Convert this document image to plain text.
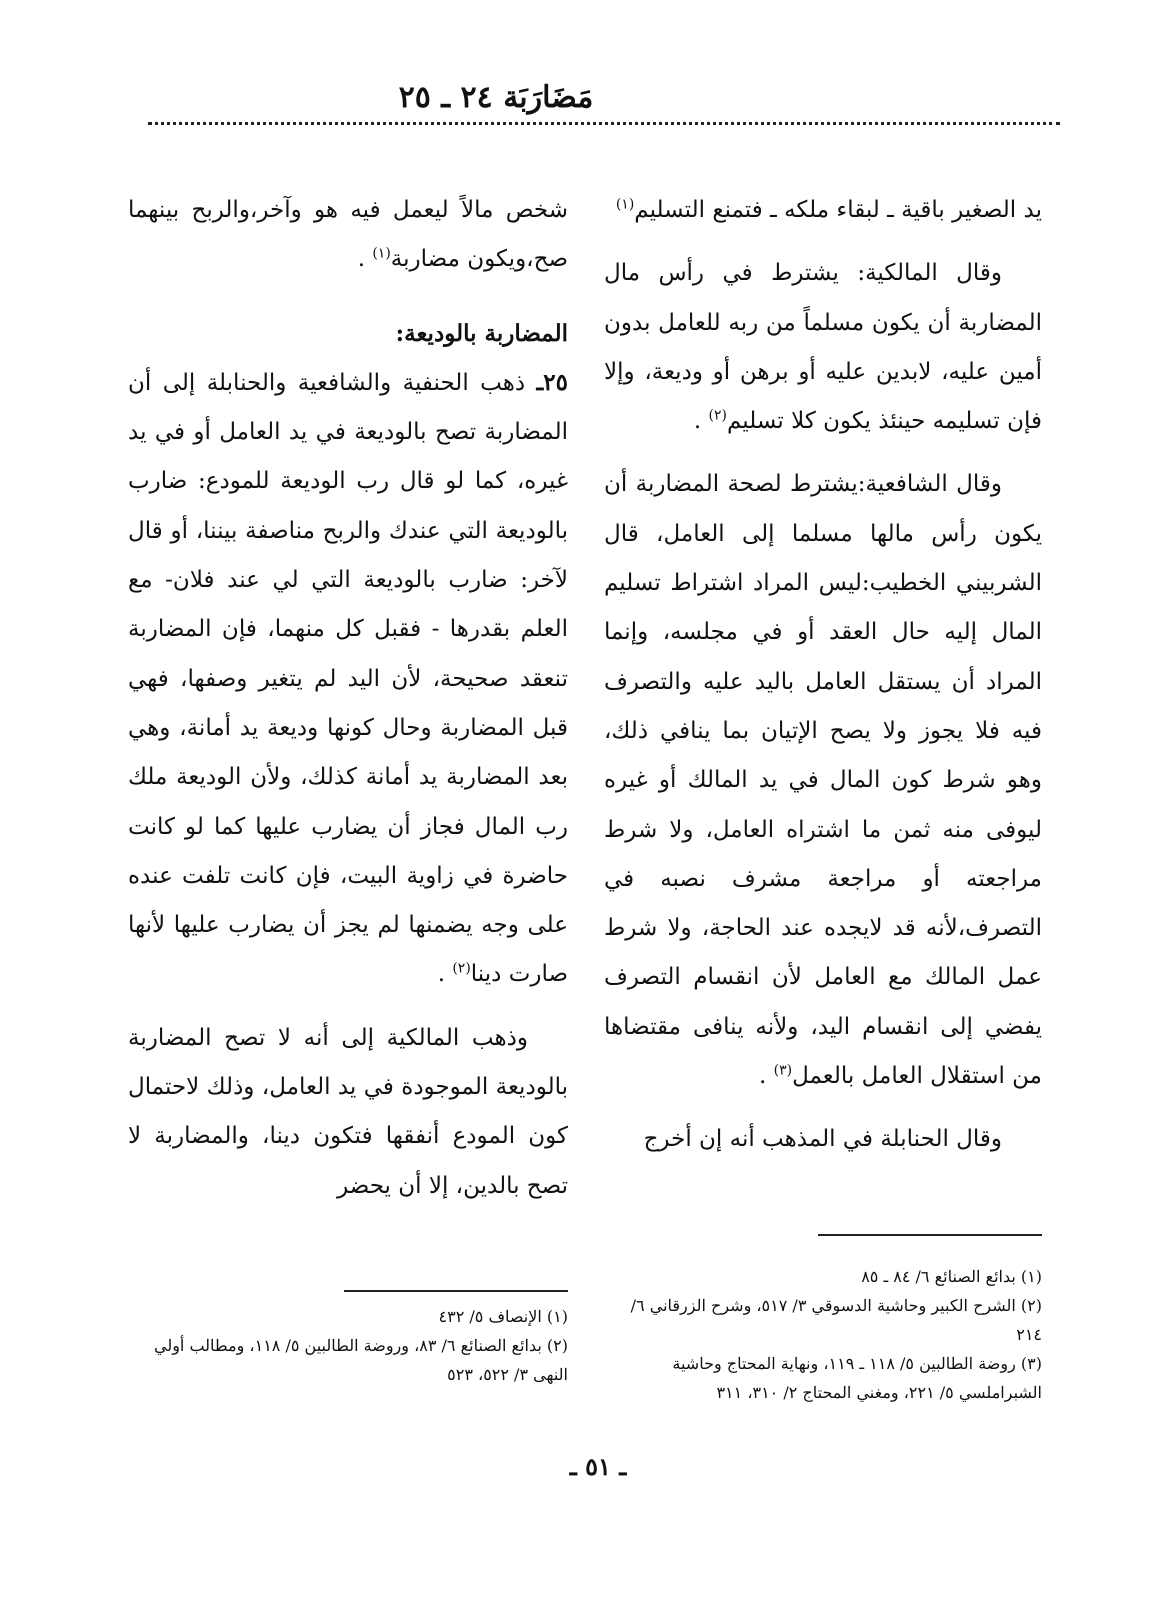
مَضَارَبَة ٢٤ ـ ٢٥

يد الصغير باقية ـ لبقاء ملكه ـ فتمنع التسليم$^{(١)}$

وقال المالكية: يشترط في رأس مال المضاربة أن يكون مسلماً من ربه للعامل بدون أمين عليه، لابدين عليه أو برهن أو وديعة، وإلا فإن تسليمه حينئذ يكون كلا تسليم$^{(٢)}$ .

وقال الشافعية:يشترط لصحة المضاربة أن يكون رأس مالها مسلما إلى العامل، قال الشربيني الخطيب:ليس المراد اشتراط تسليم المال إليه حال العقد أو في مجلسه، وإنما المراد أن يستقل العامل باليد عليه والتصرف فيه فلا يجوز ولا يصح الإتيان بما ينافي ذلك، وهو شرط كون المال في يد المالك أو غيره ليوفى منه ثمن ما اشتراه العامل، ولا شرط مراجعته أو مراجعة مشرف نصبه في التصرف،لأنه قد لايجده عند الحاجة، ولا شرط عمل المالك مع العامل لأن انقسام التصرف يفضي إلى انقسام اليد، ولأنه ينافى مقتضاها من استقلال العامل بالعمل$^{(٣)}$ .

وقال الحنابلة في المذهب أنه إن أخرج

شخص مالاً ليعمل فيه هو وآخر،والربح بينهما صح،ويكون مضاربة$^{(١)}$ .

المضاربة بالوديعة:

٢٥ـ ذهب الحنفية والشافعية والحنابلة إلى أن المضاربة تصح بالوديعة في يد العامل أو في يد غيره، كما لو قال رب الوديعة للمودع: ضارب بالوديعة التي عندك والربح مناصفة بيننا، أو قال لآخر: ضارب بالوديعة التي لي عند فلان- مع العلم بقدرها - فقبل كل منهما، فإن المضاربة تنعقد صحيحة، لأن اليد لم يتغير وصفها، فهي قبل المضاربة وحال كونها وديعة يد أمانة، وهي بعد المضاربة يد أمانة كذلك، ولأن الوديعة ملك رب المال فجاز أن يضارب عليها كما لو كانت حاضرة في زاوية البيت، فإن كانت تلفت عنده على وجه يضمنها لم يجز أن يضارب عليها لأنها صارت دينا$^{(٢)}$ .

وذهب المالكية إلى أنه لا تصح المضاربة بالوديعة الموجودة في يد العامل، وذلك لاحتمال كون المودع أنفقها فتكون دينا، والمضاربة لا تصح بالدين، إلا أن يحضر

(١) بدائع الصنائع ٦/ ٨٤ ـ ٨٥
(٢) الشرح الكبير وحاشية الدسوقي ٣/ ٥١٧، وشرح الزرقاني ٦/ ٢١٤
(٣) روضة الطالبين ٥/ ١١٨ ـ ١١٩، ونهاية المحتاج وحاشية الشبراملسي ٥/ ٢٢١، ومغني المحتاج ٢/ ٣١٠، ٣١١
(١) الإنصاف ٥/ ٤٣٢
(٢) بدائع الصنائع ٦/ ٨٣، وروضة الطالبين ٥/ ١١٨، ومطالب أولي النهى ٣/ ٥٢٢، ٥٢٣
ـ ٥١ ـ
